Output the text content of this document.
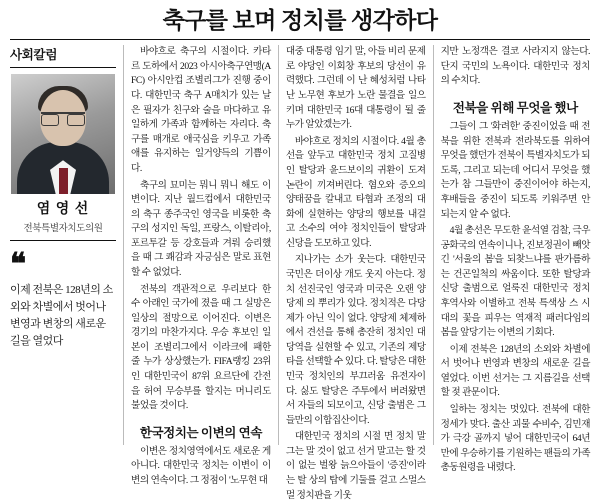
축구를 보며 정치를 생각하다
사회칼럼
염 영 선
전북특별자치도의원
❝
이제 전북은 128년의 소외와 차별에서 벗어나 변영과 변창의 새로운 길을 열었다

바야흐로 축구의 시절이다. 카타르 도하에서 2023 아시아축구연맹(AFC) 아시안컵 조별리그가 진행 중이다. 대한민국 축구 A매치가 있는 날은 필자가 친구와 술을 마다하고 유일하게 가족과 함께하는 자리다. 축구를 매개로 애국심을 키우고 가족애를 유지하는 일거양득의 기쁨이다.

축구의 묘미는 뭐니 뭐니 해도 이변이다. 지난 월드컵에서 대한민국의 축구 종주국인 영국을 비롯한 축구의 성지인 독일, 프랑스, 이탈리아, 포르투갈 등 강호들과 겨뤄 승리했을 때 그 쾌감과 자긍심은 말로 표현할 수 없었다.

전북의 객관적으로 우리보다 한 수 아래인 국가에 졌을 때 그 실망은 일상의 절망으로 이어진다. 이변은 경기의 마찬가지다. 우승 후보인 일본이 조별리그에서 이라크에 패한 줄 누가 상상했는가. FIFA랭킹 23위인 대한민국이 87위 요르단에 간전을 허여 무승부를 할지는 머니리도 불었을 것이다.

한국정치는 이변의 연속

이변은 정치영역에서도 새로운 게 아니다. 대한민국 정치는 이변이 이변의 연속이다. 그 정점이 '노무현 대

대중 대통령 임기 말, 아들 비리 문제로 야당인 이회창 후보의 당선이 유력했다. 그런데 이 난 혜성처럼 나타난 노무현 후보가 노란 물결을 일으키며 대한민국 16대 대통령이 될 줄 누가 알았겠는가.

바야흐로 정치의 시절이다. 4월 총선을 앞두고 대한민국 정치 고질병인 탈당과 윤드보이의 귀환이 도져 논란이 끼져버린다. 혐오와 증오의 양태꿈을 칼내고 타협과 조정의 대화에 실현하는 양당의 행보를 내걸고 소수의 여야 정치인들이 탈당과 신당을 도모하고 있다.

지나가는 소가 웃는다. 대한민국 국민은 더이상 개도 웃지 아는다. 정치 선진국인 영국과 미국은 오랜 양당제 의 뿌리가 있다. 정치적은 다당제가 아닌 익이 없다. 양당제 체제하에서 견선을 통해 총잔히 정치인 대당역을 실현할 수 있고, 기존의 제당타을 선택할 수 있다. 다. 탈당은 대한민국 정치인의 부끄러움 유전자이다. 싫도 탈당은 주투에서 버려왔면서 자들의 되모이고, 신당 출범은 그들만의 이합집산이다.

대한민국 정치의 시절 면 정치 말그는 말 것이 없고 선거 말고는 할 것이 없는 벌왕 늙으아들이 '증진'이라는 탈 상의 탑에 기둘를 걸고 스멀스멀 정치판을 기웃

지만 노정객은 결코 사라지지 않는다. 단지 국민의 노욕이다. 대한민국 정치의 수치다.

전북을 위해 무엇을 했나

그들이 그 '화려한' 중진이었을 때 전북을 위한 전북과 전라북도를 위하여 무엇을 했던가 전북이 특별자치도가 되도록, 그리고 되는데 어디서 무엇을 했는가 참 그들만이 중진이어야 하는지, 후배들을 중진이 되도록 키워주면 안 되는지 알 수 없다.

4월 총선은 무도한 윤석열 검찰, 극우 공화국의 연속이니나, 진보정권이 빼앗긴 '서울의 봄'을 되찾느냐를 판가름하는 건곤일척의 싸움이다. 또한 탈당과 신당 출범으로 얼룩진 대한민국 정치 후역사와 이별하고 전북 특색상 스 시대의 꽃을 피우는 역재적 패러다임의 봄을 앞당기는 이변의 기회다.

이제 전북은 128년의 소외와 차별에서 벗어나 번영과 변창의 새로운 길을 열었다. 이번 선거는 그 지름길을 선택할 젖 관문이다.

일하는 정치는 멋있다. 전북에 대한 정세가 맞다. 출산 괴물 수비수, 김민재가 극강 골까지 넣어 대한민국이 64년만에 우승하기를 기원하는 팬들의 가족 총동원령을 내렸다.
